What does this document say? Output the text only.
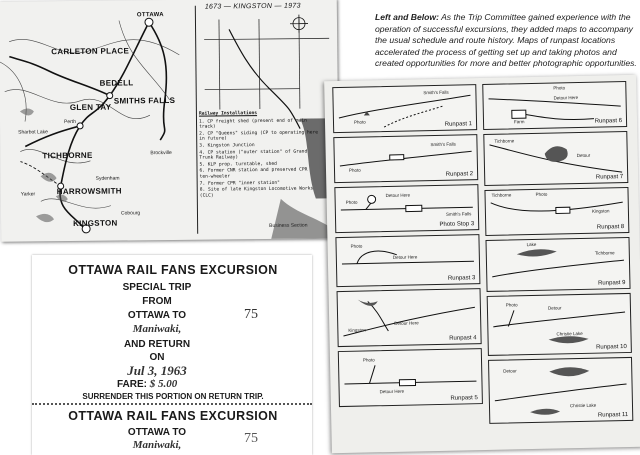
1673 — KINGSTON — 1973
CARLETON PLACE
BEDELL
SMITHS FALLS
GLEN TAY
TICHBORNE
HARROWSMITH
KINGSTON
OTTAWA
Perth
Sharbot Lake
Brockville
Sydenham
Yarker
Cobourg
Railway Installations
1. CP freight shed (present end of main track)
2. CP "Queens" siding (CP to operating here in future)
3. Kingston Junction
4. CP station ("outer station" of Grand Trunk Railway)
5. KLP prop. turntable, shed
6. Former CNR station and preserved CPR ten-wheeler
7. Former CPR "inner station"
8. Site of late Kingston Locomotive Works (CLC)
Business Section
Left and Below: As the Trip Committee gained experience with the operation of successful excursions, they added maps to accompany the usual schedule and route history. Maps of runpast locations accelerated the process of getting set up and taking photos and created opportunities for more and better photographic opportunities.
OTTAWA RAIL FANS EXCURSION
SPECIAL TRIP
FROM
OTTAWA TO
Maniwaki,
75
AND RETURN
ON
Jul 3, 1963
FARE: $ 5.00
SURRENDER THIS PORTION ON RETURN TRIP.
OTTAWA RAIL FANS EXCURSION
OTTAWA TO
Maniwaki,	75
Smith's Falls
Photo	Runpast 1
Smith's Falls
Photo
Runpast 2
Photo
Detour Here
Smith's Falls
Photo Stop 3
Photo
Detour Here
Runpast 3
Kingston
Detour Here
Runpast 4
Photo
Detour Here
Runpast 5
Photo
Detour Here
Farm	Runpast 6
Tichborne
Detour
Runpast 7
Tichborne	Photo
Kingston
Runpast 8
Lake
Tichborne
Runpast 9
Photo
Detour
Christie Lake
Runpast 10
Detour
Christie Lake
Runpast 11
